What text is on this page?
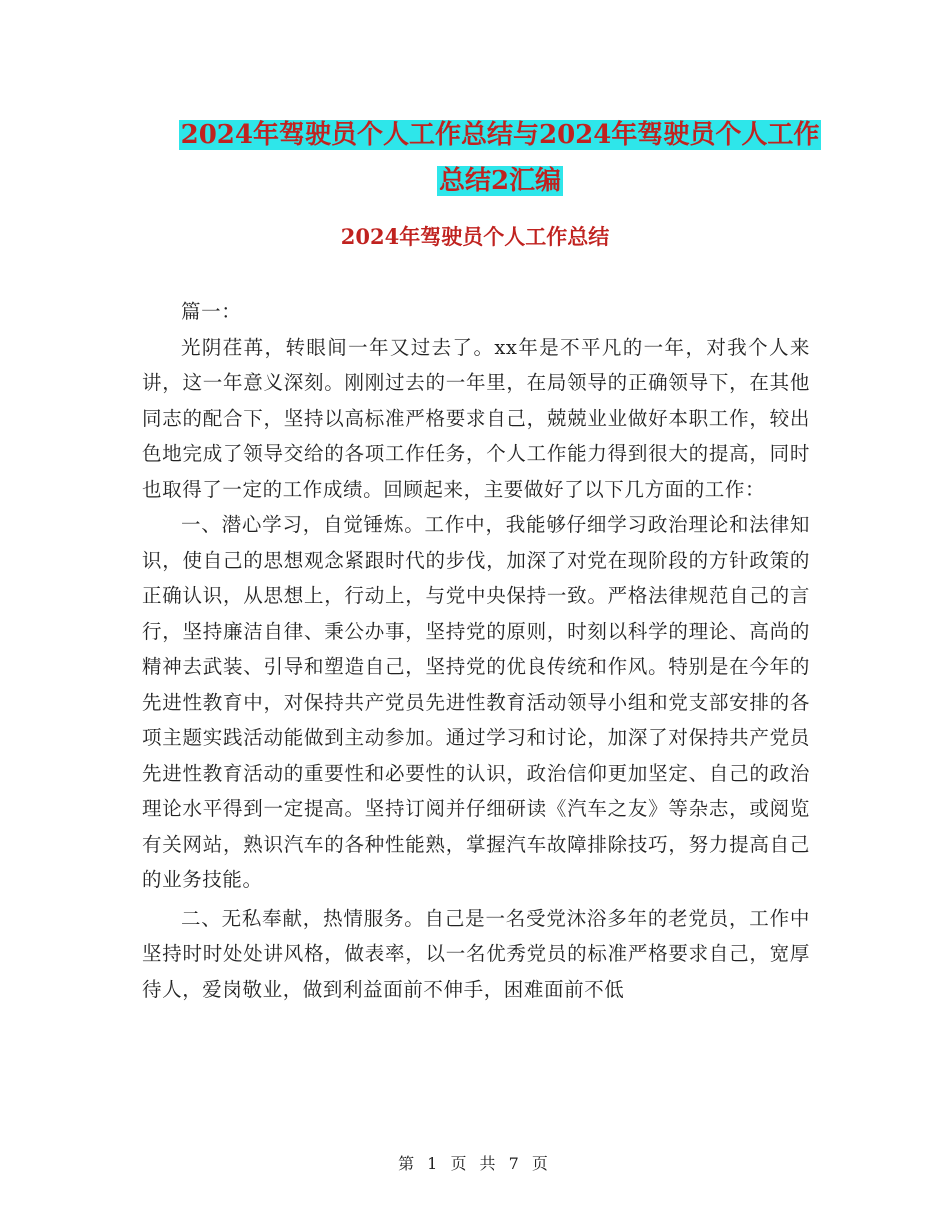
2024年驾驶员个人工作总结与2024年驾驶员个人工作
总结2汇编
2024年驾驶员个人工作总结

篇一：

光阴荏苒，转眼间一年又过去了。xx年是不平凡的一年，对我个人来讲，这一年意义深刻。刚刚过去的一年里，在局领导的正确领导下，在其他同志的配合下，坚持以高标准严格要求自己，兢兢业业做好本职工作，较出色地完成了领导交给的各项工作任务，个人工作能力得到很大的提高，同时也取得了一定的工作成绩。回顾起来，主要做好了以下几方面的工作：

一、潜心学习，自觉锤炼。工作中，我能够仔细学习政治理论和法律知识，使自己的思想观念紧跟时代的步伐，加深了对党在现阶段的方针政策的正确认识，从思想上，行动上，与党中央保持一致。严格法律规范自己的言行，坚持廉洁自律、秉公办事，坚持党的原则，时刻以科学的理论、高尚的精神去武装、引导和塑造自己，坚持党的优良传统和作风。特别是在今年的先进性教育中，对保持共产党员先进性教育活动领导小组和党支部安排的各项主题实践活动能做到主动参加。通过学习和讨论，加深了对保持共产党员先进性教育活动的重要性和必要性的认识，政治信仰更加坚定、自己的政治理论水平得到一定提高。坚持订阅并仔细研读《汽车之友》等杂志，或阅览有关网站，熟识汽车的各种性能熟，掌握汽车故障排除技巧，努力提高自己的业务技能。

二、无私奉献，热情服务。自己是一名受党沐浴多年的老党员，工作中坚持时时处处讲风格，做表率，以一名优秀党员的标准严格要求自己，宽厚待人，爱岗敬业，做到利益面前不伸手，困难面前不低

第 1 页 共 7 页
